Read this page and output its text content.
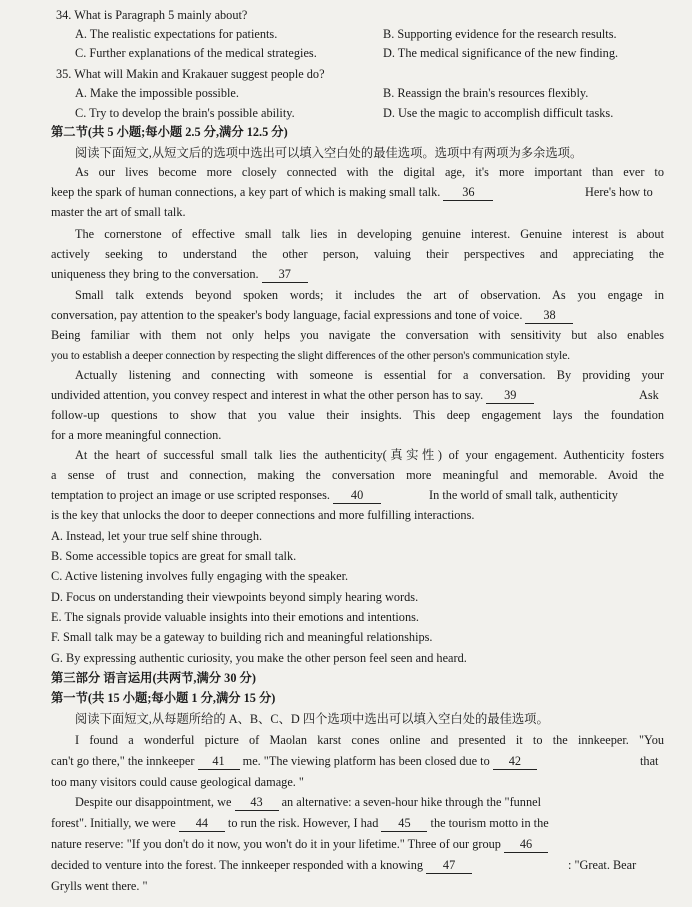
34. What is Paragraph 5 mainly about?
A. The realistic expectations for patients.	B. Supporting evidence for the research results.
C. Further explanations of the medical strategies.	D. The medical significance of the new finding.
35. What will Makin and Krakauer suggest people do?
A. Make the impossible possible.	B. Reassign the brain's resources flexibly.
C. Try to develop the brain's possible ability.	D. Use the magic to accomplish difficult tasks.
第二节(共 5 小题;每小题 2.5 分,满分 12.5 分)
阅读下面短文,从短文后的选项中选出可以填入空白处的最佳选项。选项中有两项为多余选项。
As our lives become more closely connected with the digital age, it's more important than ever to
keep the spark of human connections, a key part of which is making small talk. 36	Here's how to
master the art of small talk.
The cornerstone of effective small talk lies in developing genuine interest. Genuine interest is about
actively seeking to understand the other person, valuing their perspectives and appreciating the
uniqueness they bring to the conversation. 37
Small talk extends beyond spoken words; it includes the art of observation. As you engage in
conversation, pay attention to the speaker's body language, facial expressions and tone of voice. 38
Being familiar with them not only helps you navigate the conversation with sensitivity but also enables
you to establish a deeper connection by respecting the slight differences of the other person's communication style.
Actually listening and connecting with someone is essential for a conversation. By providing your
undivided attention, you convey respect and interest in what the other person has to say. 39	Ask
follow-up questions to show that you value their insights. This deep engagement lays the foundation
for a more meaningful connection.
At the heart of successful small talk lies the authenticity(真实性) of your engagement. Authenticity fosters
a sense of trust and connection, making the conversation more meaningful and memorable. Avoid the
temptation to project an image or use scripted responses. 40	In the world of small talk, authenticity
is the key that unlocks the door to deeper connections and more fulfilling interactions.
A. Instead, let your true self shine through.
B. Some accessible topics are great for small talk.
C. Active listening involves fully engaging with the speaker.
D. Focus on understanding their viewpoints beyond simply hearing words.
E. The signals provide valuable insights into their emotions and intentions.
F. Small talk may be a gateway to building rich and meaningful relationships.
G. By expressing authentic curiosity, you make the other person feel seen and heard.
第三部分 语言运用(共两节,满分 30 分)
第一节(共 15 小题;每小题 1 分,满分 15 分)
阅读下面短文,从每题所给的 A、B、C、D 四个选项中选出可以填入空白处的最佳选项。
I found a wonderful picture of Maolan karst cones online and presented it to the innkeeper. "You
can't go there," the innkeeper 41 me. "The viewing platform has been closed due to 42	that
too many visitors could cause geological damage. "
Despite our disappointment, we 43 an alternative: a seven-hour hike through the "funnel
forest". Initially, we were 44 to run the risk. However, I had 45 the tourism motto in the
nature reserve: "If you don't do it now, you won't do it in your lifetime." Three of our group 46
decided to venture into the forest. The innkeeper responded with a knowing 47	: "Great. Bear
Grylls went there. "
